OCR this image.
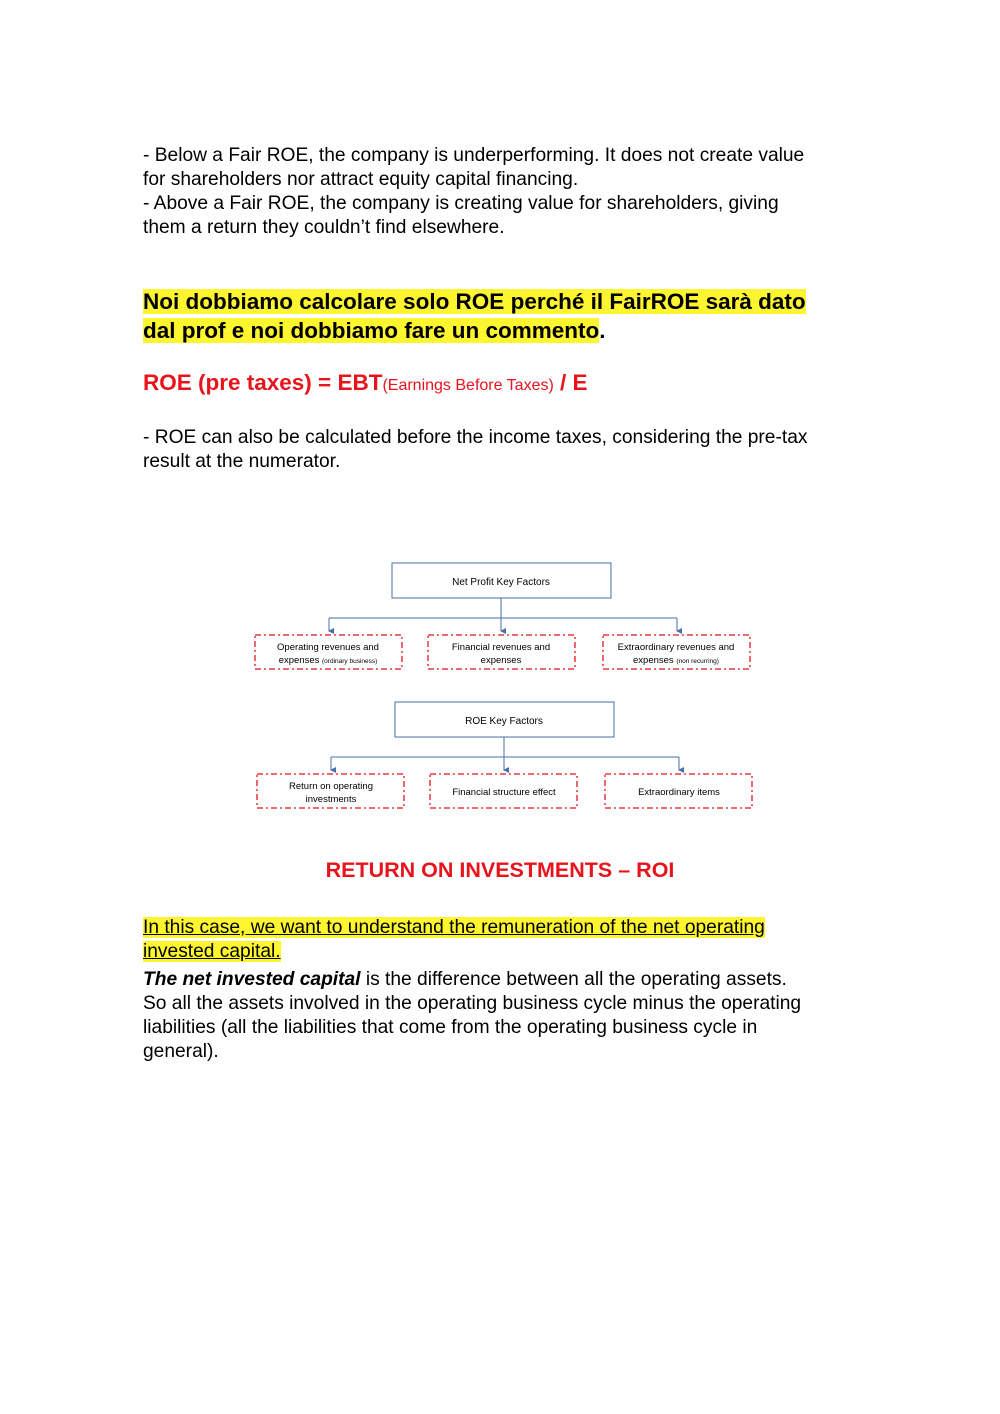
- Below a Fair ROE, the company is underperforming. It does not create value
for shareholders nor attract equity capital financing.
- Above a Fair ROE, the company is creating value for shareholders, giving
them a return they couldn’t find elsewhere.
Noi dobbiamo calcolare solo ROE perché il FairROE sarà dato
dal prof e noi dobbiamo fare un commento.
ROE (pre taxes) = EBT(Earnings Before Taxes) / E
- ROE can also be calculated before the income taxes, considering the pre-tax
result at the numerator.
Net Profit Key Factors
Operating revenues and
expenses (ordinary business)
Financial revenues and
expenses
Extraordinary revenues and
expenses (non recurring)
ROE Key Factors
Return on operating
investments
Financial structure effect	Extraordinary items
RETURN ON INVESTMENTS – ROI
In this case, we want to understand the remuneration of the net operating
invested capital.
The net invested capital is the difference between all the operating assets.
So all the assets involved in the operating business cycle minus the operating
liabilities (all the liabilities that come from the operating business cycle in
general).
